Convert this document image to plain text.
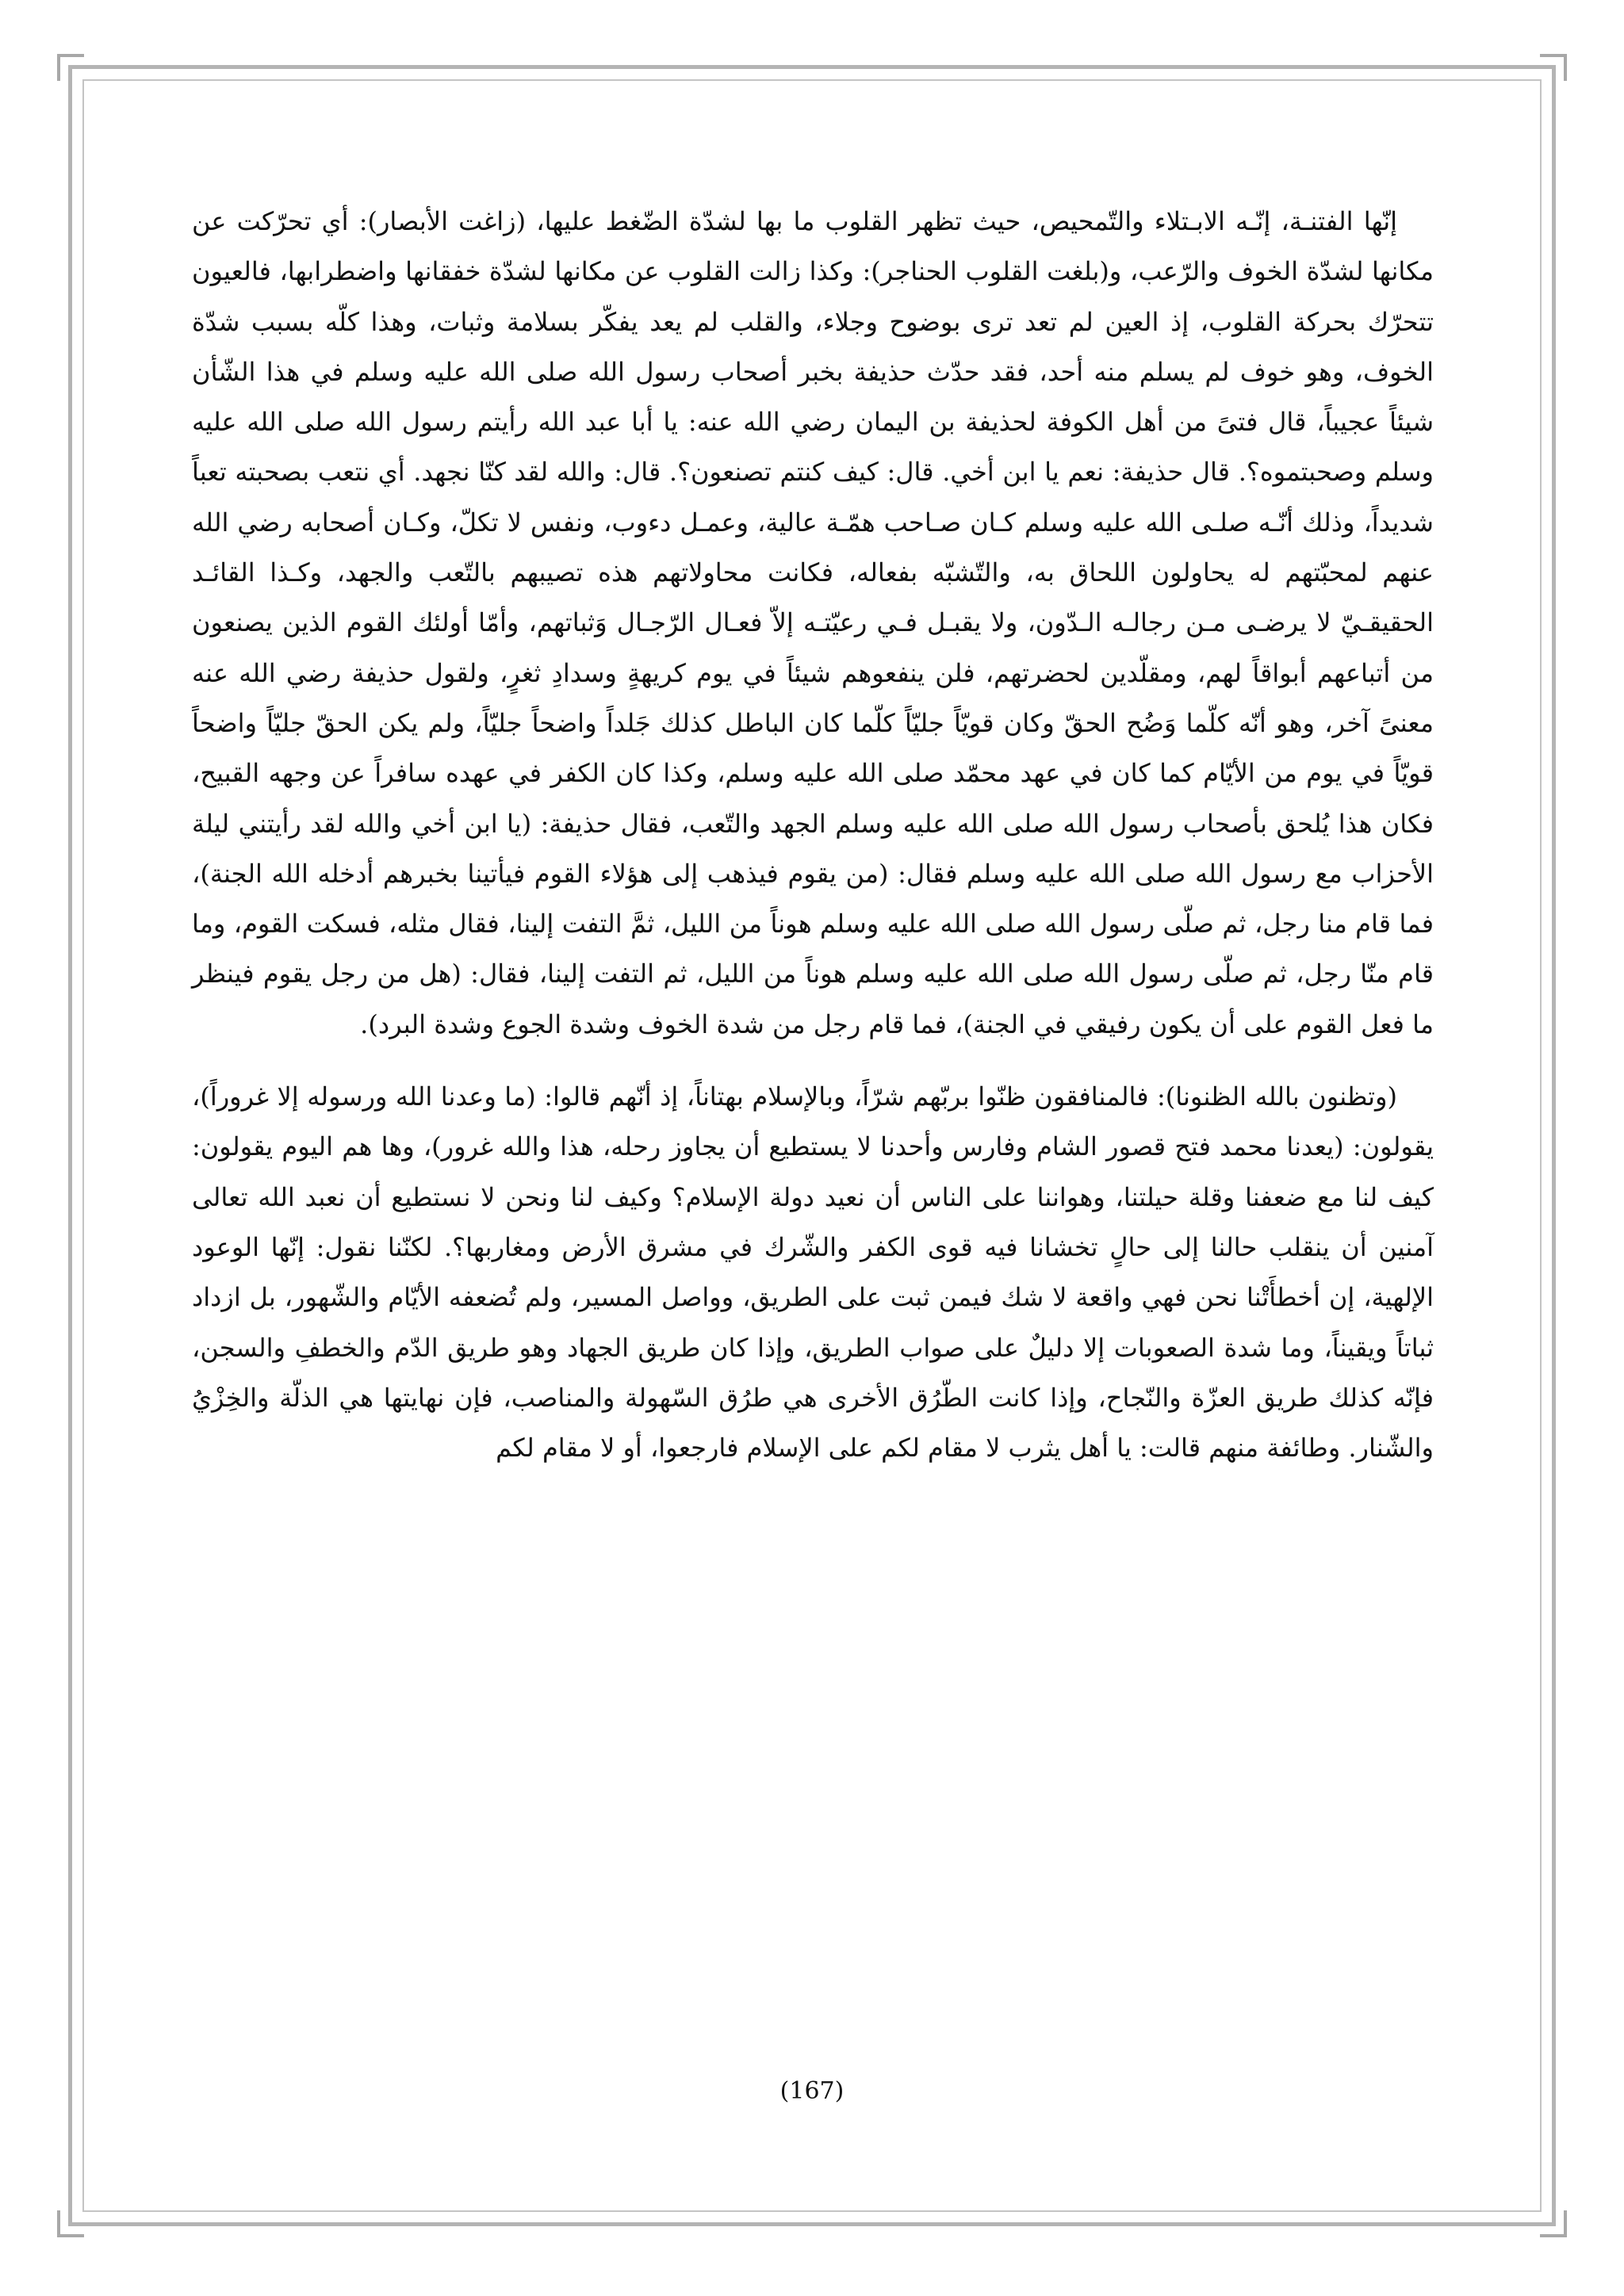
إنّها الفتنـة، إنّـه الابـتلاء والتّمحيص، حيث تظهر القلوب ما بها لشدّة الضّغط عليها، (زاغت الأبصار): أي تحرّكت عن مكانها لشدّة الخوف والرّعب، و(بلغت القلوب الحناجر): وكذا زالت القلوب عن مكانها لشدّة خفقانها واضطرابها، فالعيون تتحرّك بحركة القلوب، إذ العين لم تعد ترى بوضوح وجلاء، والقلب لم يعد يفكّر بسلامة وثبات، وهذا كلّه بسبب شدّة الخوف، وهو خوف لم يسلم منه أحد، فقد حدّث حذيفة بخبر أصحاب رسول الله صلى الله عليه وسلم في هذا الشّأن شيئاً عجيباً، قال فتىً من أهل الكوفة لحذيفة بن اليمان رضي الله عنه: يا أبا عبد الله رأيتم رسول الله صلى الله عليه وسلم وصحبتموه؟. قال حذيفة: نعم يا ابن أخي. قال: كيف كنتم تصنعون؟. قال: والله لقد كنّا نجهد. أي نتعب بصحبته تعباً شديداً، وذلك أنّـه صلـى الله عليه وسلم كـان صـاحب همّـة عالية، وعمـل دءوب، ونفس لا تكلّ، وكـان أصحابه رضي الله عنهم لمحبّتهم له يحاولون اللحاق به، والتّشبّه بفعاله، فكانت محاولاتهم هذه تصيبهم بالتّعب والجهد، وكـذا القائـد الحقيقـيّ لا يرضـى مـن رجالـه الـدّون، ولا يقبـل فـي رعيّتـه إلاّ فعـال الرّجـال وَثباتهم، وأمّا أولئك القوم الذين يصنعون من أتباعهم أبواقاً لهم، ومقلّدين لحضرتهم، فلن ينفعوهم شيئاً في يوم كريهةٍ وسدادِ ثغرٍ، ولقول حذيفة رضي الله عنه معنىً آخر، وهو أنّه كلّما وَضُح الحقّ وكان قويّاً جليّاً كلّما كان الباطل كذلك جَلداً واضحاً جليّاً، ولم يكن الحقّ جليّاً واضحاً قويّاً في يوم من الأيّام كما كان في عهد محمّد صلى الله عليه وسلم، وكذا كان الكفر في عهده سافراً عن وجهه القبيح، فكان هذا يُلحق بأصحاب رسول الله صلى الله عليه وسلم الجهد والتّعب، فقال حذيفة: (يا ابن أخي والله لقد رأيتني ليلة الأحزاب مع رسول الله صلى الله عليه وسلم فقال: (من يقوم فيذهب إلى هؤلاء القوم فيأتينا بخبرهم أدخله الله الجنة)، فما قام منا رجل، ثم صلّى رسول الله صلى الله عليه وسلم هوناً من الليل، ثمَّ التفت إلينا، فقال مثله، فسكت القوم، وما قام منّا رجل، ثم صلّى رسول الله صلى الله عليه وسلم هوناً من الليل، ثم التفت إلينا، فقال: (هل من رجل يقوم فينظر ما فعل القوم على أن يكون رفيقي في الجنة)، فما قام رجل من شدة الخوف وشدة الجوع وشدة البرد).

(وتظنون بالله الظنونا): فالمنافقون ظنّوا بربّهم شرّاً، وبالإسلام بهتاناً، إذ أنّهم قالوا: (ما وعدنا الله ورسوله إلا غروراً)، يقولون: (يعدنا محمد فتح قصور الشام وفارس وأحدنا لا يستطيع أن يجاوز رحله، هذا والله غرور)، وها هم اليوم يقولون: كيف لنا مع ضعفنا وقلة حيلتنا، وهواننا على الناس أن نعيد دولة الإسلام؟ وكيف لنا ونحن لا نستطيع أن نعبد الله تعالى آمنين أن ينقلب حالنا إلى حالٍ تخشانا فيه قوى الكفر والشّرك في مشرق الأرض ومغاربها؟. لكنّنا نقول: إنّها الوعود الإلهية، إن أخطأَتْنا نحن فهي واقعة لا شك فيمن ثبت على الطريق، وواصل المسير، ولم تُضعفه الأيّام والشّهور، بل ازداد ثباتاً ويقيناً، وما شدة الصعوبات إلا دليلٌ على صواب الطريق، وإذا كان طريق الجهاد وهو طريق الدّم والخطفِ والسجن، فإنّه كذلك طريق العزّة والنّجاح، وإذا كانت الطّرُق الأخرى هي طرُق السّهولة والمناصب، فإن نهايتها هي الذلّة والخِزْيُ والشّنار. وطائفة منهم قالت: يا أهل يثرب لا مقام لكم على الإسلام فارجعوا، أو لا مقام لكم

(167)
